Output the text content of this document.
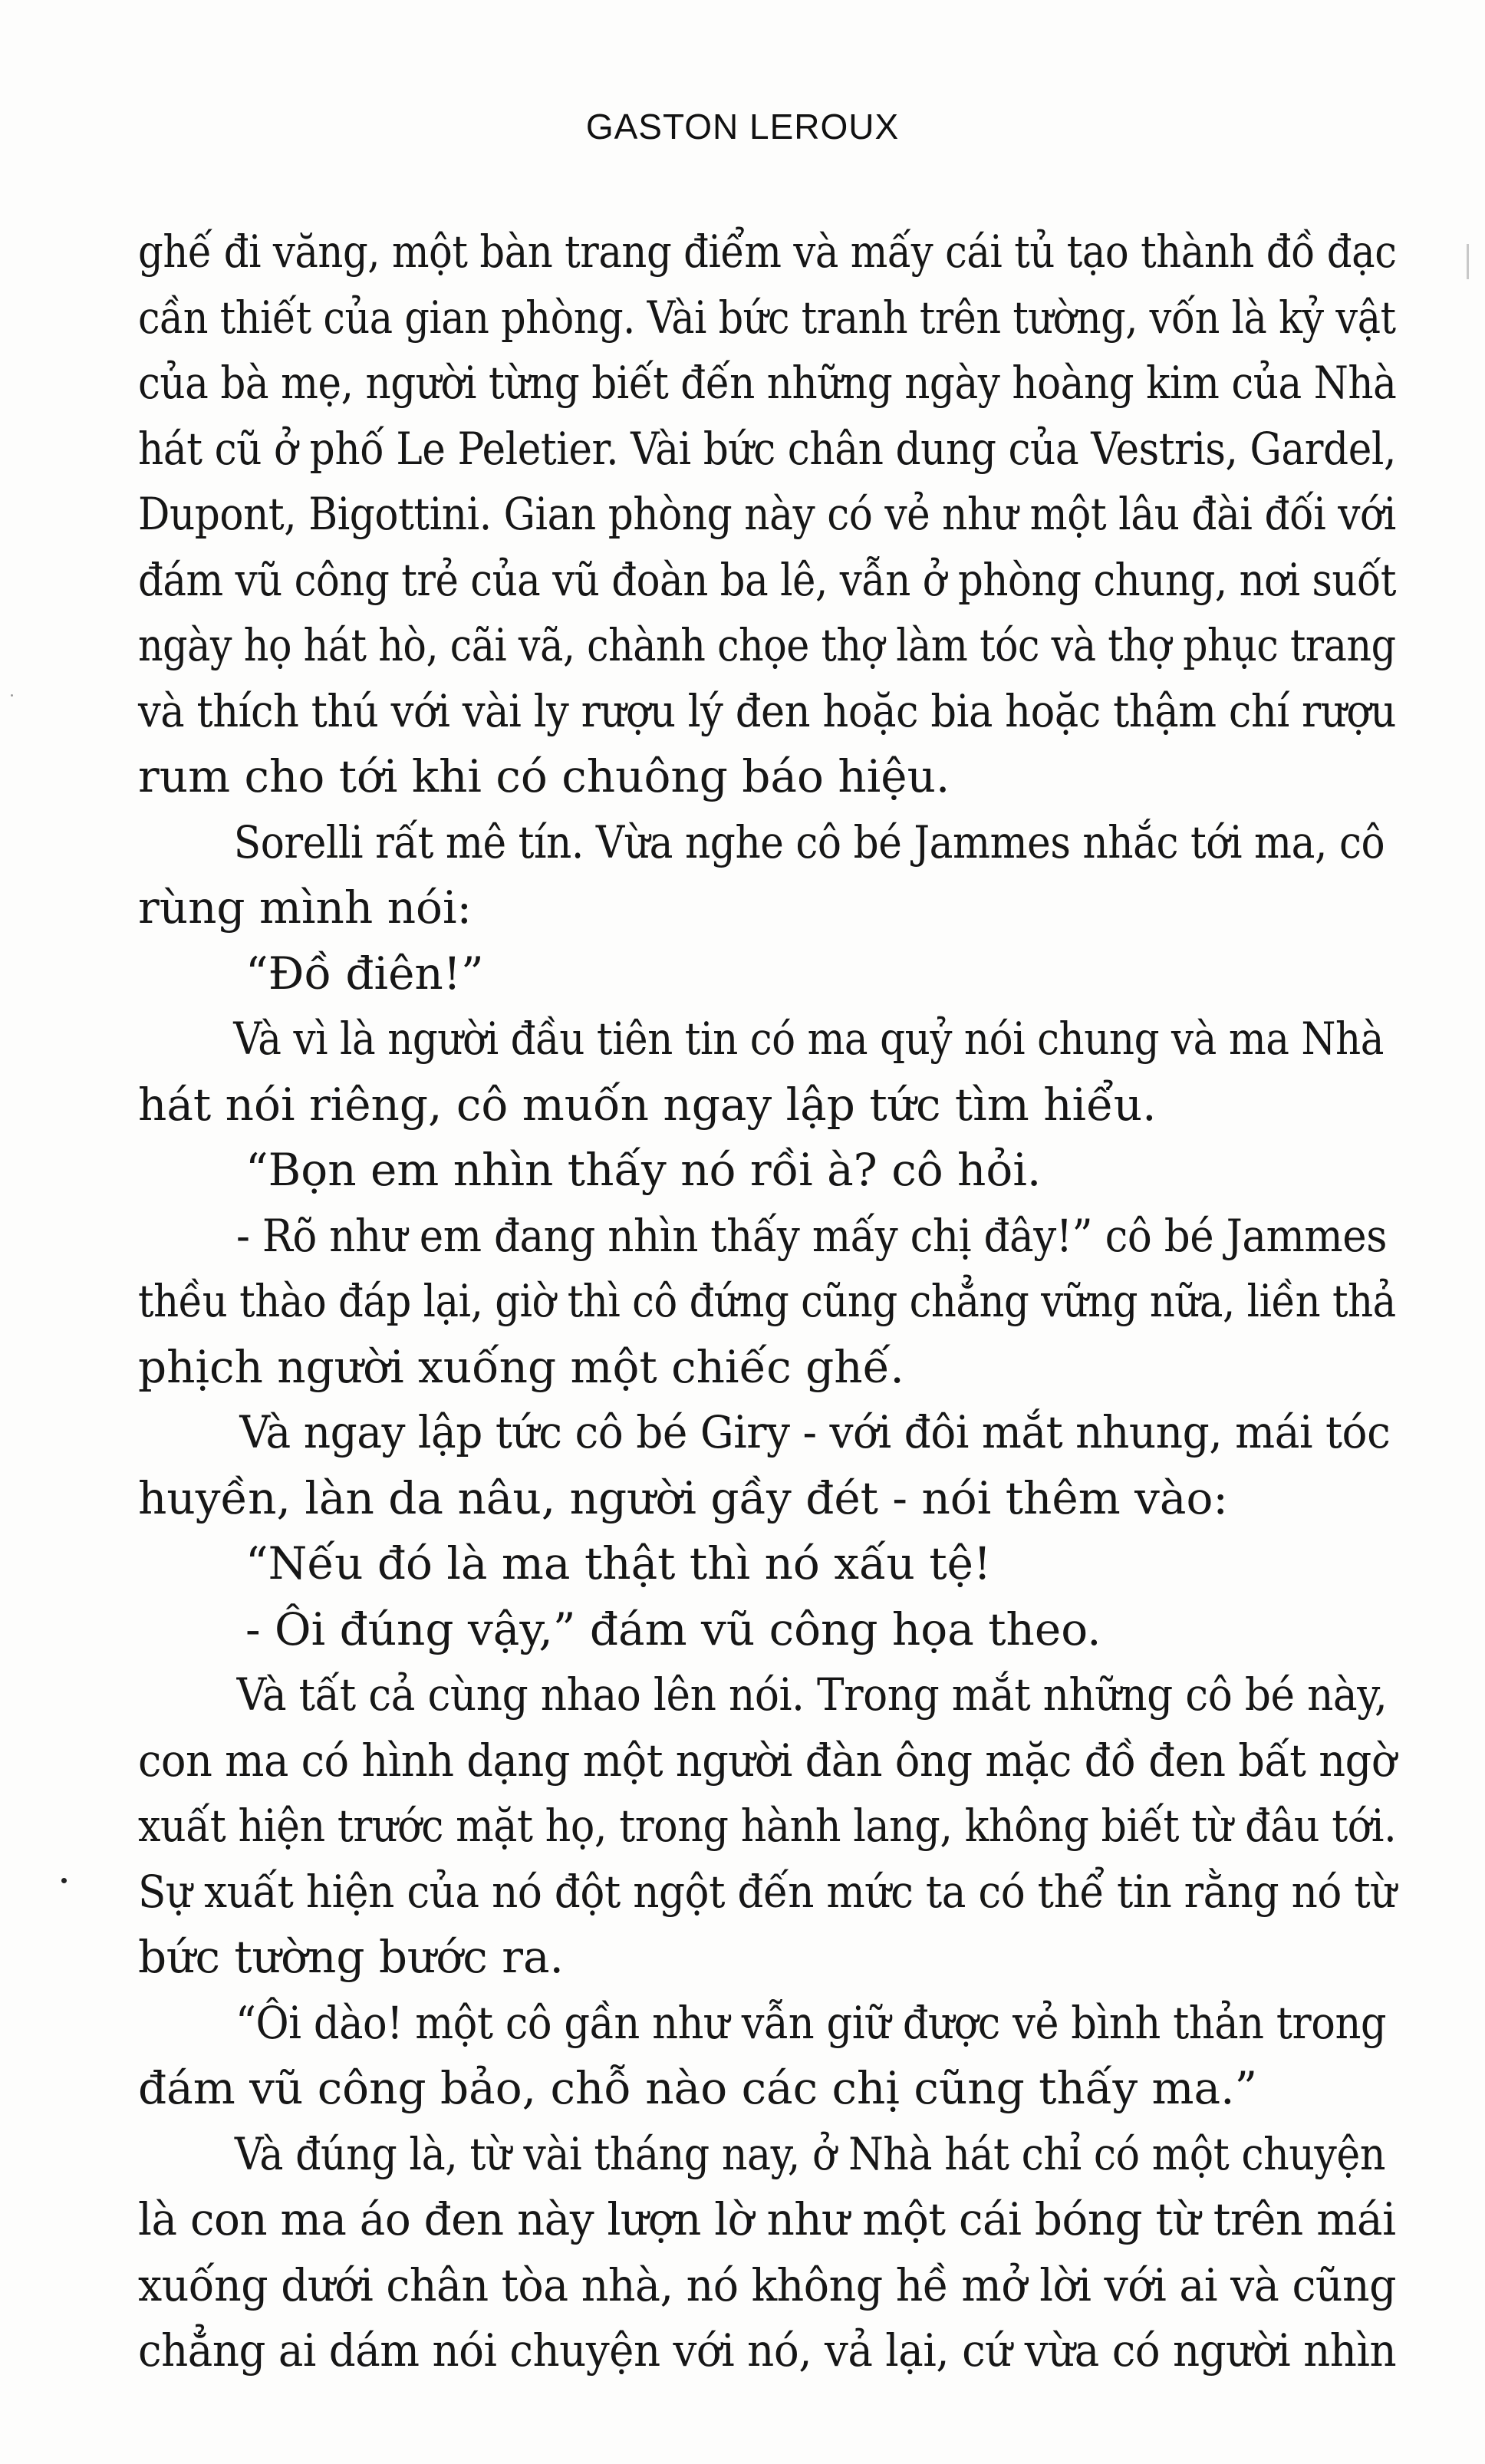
GASTON LEROUX
ghế đi văng, một bàn trang điểm và mấy cái tủ tạo thành đồ đạc
cần thiết của gian phòng. Vài bức tranh trên tường, vốn là kỷ vật
của bà mẹ, người từng biết đến những ngày hoàng kim của Nhà
hát cũ ở phố Le Peletier. Vài bức chân dung của Vestris, Gardel,
Dupont, Bigottini. Gian phòng này có vẻ như một lâu đài đối với
đám vũ công trẻ của vũ đoàn ba lê, vẫn ở phòng chung, nơi suốt
ngày họ hát hò, cãi vã, chành chọe thợ làm tóc và thợ phục trang
và thích thú với vài ly rượu lý đen hoặc bia hoặc thậm chí rượu
rum cho tới khi có chuông báo hiệu.
Sorelli rất mê tín. Vừa nghe cô bé Jammes nhắc tới ma, cô
rùng mình nói:
“Đồ điên!”
Và vì là người đầu tiên tin có ma quỷ nói chung và ma Nhà
hát nói riêng, cô muốn ngay lập tức tìm hiểu.
“Bọn em nhìn thấy nó rồi à? cô hỏi.
- Rõ như em đang nhìn thấy mấy chị đây!” cô bé Jammes
thều thào đáp lại, giờ thì cô đứng cũng chẳng vững nữa, liền thả
phịch người xuống một chiếc ghế.
Và ngay lập tức cô bé Giry - với đôi mắt nhung, mái tóc
huyền, làn da nâu, người gầy đét - nói thêm vào:
“Nếu đó là ma thật thì nó xấu tệ!
- Ôi đúng vậy,” đám vũ công họa theo.
Và tất cả cùng nhao lên nói. Trong mắt những cô bé này,
con ma có hình dạng một người đàn ông mặc đồ đen bất ngờ
xuất hiện trước mặt họ, trong hành lang, không biết từ đâu tới.
Sự xuất hiện của nó đột ngột đến mức ta có thể tin rằng nó từ
bức tường bước ra.
“Ôi dào! một cô gần như vẫn giữ được vẻ bình thản trong
đám vũ công bảo, chỗ nào các chị cũng thấy ma.”
Và đúng là, từ vài tháng nay, ở Nhà hát chỉ có một chuyện
là con ma áo đen này lượn lờ như một cái bóng từ trên mái
xuống dưới chân tòa nhà, nó không hề mở lời với ai và cũng
chẳng ai dám nói chuyện với nó, vả lại, cứ vừa có người nhìn
